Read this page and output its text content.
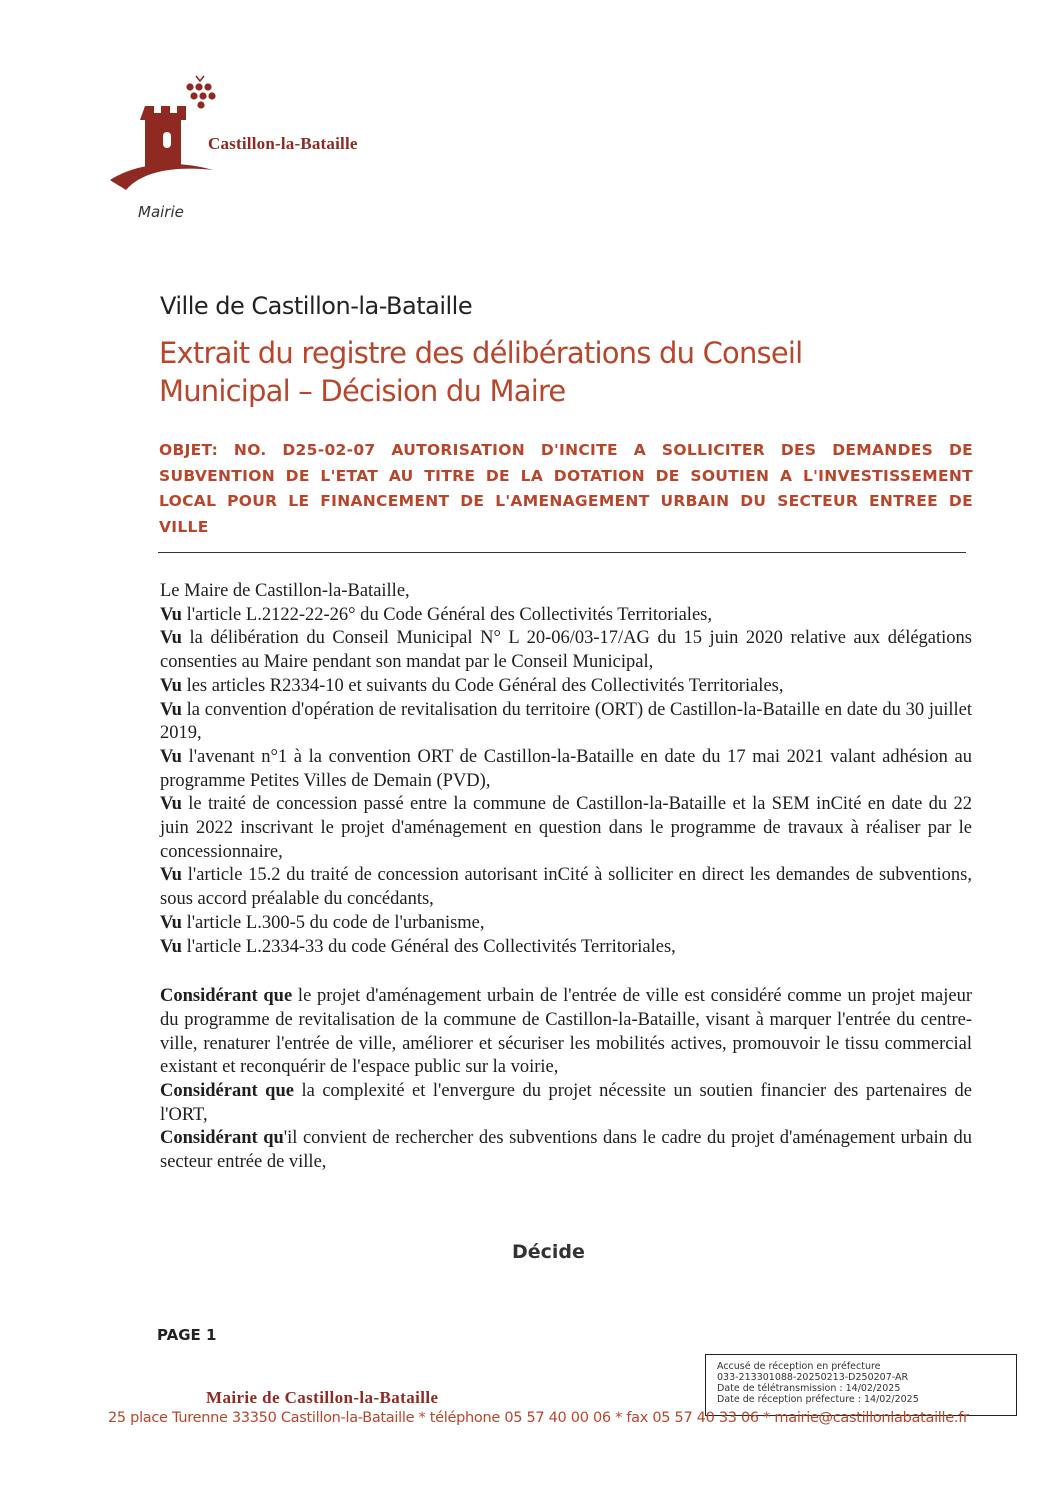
Castillon-la-Bataille
Mairie
Ville de Castillon-la-Bataille
Extrait du registre des délibérations du Conseil
Municipal – Décision du Maire
OBJET: NO. D25-02-07 AUTORISATION D'INCITE A SOLLICITER DES DEMANDES DE SUBVENTION DE L'ETAT AU TITRE DE LA DOTATION DE SOUTIEN A L'INVESTISSEMENT LOCAL POUR LE FINANCEMENT DE L'AMENAGEMENT URBAIN DU SECTEUR ENTREE DE VILLE

Le Maire de Castillon-la-Bataille,

Vu l'article L.2122-22-26° du Code Général des Collectivités Territoriales,

Vu la délibération du Conseil Municipal N° L 20-06/03-17/AG du 15 juin 2020 relative aux délégations consenties au Maire pendant son mandat par le Conseil Municipal,

Vu les articles R2334-10 et suivants du Code Général des Collectivités Territoriales,

Vu la convention d'opération de revitalisation du territoire (ORT) de Castillon-la-Bataille en date du 30 juillet 2019,

Vu l'avenant n°1 à la convention ORT de Castillon-la-Bataille en date du 17 mai 2021 valant adhésion au programme Petites Villes de Demain (PVD),

Vu le traité de concession passé entre la commune de Castillon-la-Bataille et la SEM inCité en date du 22 juin 2022 inscrivant le projet d'aménagement en question dans le programme de travaux à réaliser par le concessionnaire,

Vu l'article 15.2 du traité de concession autorisant inCité à solliciter en direct les demandes de subventions, sous accord préalable du concédants,

Vu l'article L.300-5 du code de l'urbanisme,

Vu l'article L.2334-33 du code Général des Collectivités Territoriales,

Considérant que le projet d'aménagement urbain de l'entrée de ville est considéré comme un projet majeur du programme de revitalisation de la commune de Castillon-la-Bataille, visant à marquer l'entrée du centre-ville, renaturer l'entrée de ville, améliorer et sécuriser les mobilités actives, promouvoir le tissu commercial existant et reconquérir de l'espace public sur la voirie,

Considérant que la complexité et l'envergure du projet nécessite un soutien financier des partenaires de l'ORT,

Considérant qu'il convient de rechercher des subventions dans le cadre du projet d'aménagement urbain du secteur entrée de ville,

Décide
PAGE 1
Accusé de réception en préfecture
033-213301088-20250213-D250207-AR
Date de télétransmission : 14/02/2025
Date de réception préfecture : 14/02/2025
Mairie de Castillon-la-Bataille
25 place Turenne 33350 Castillon-la-Bataille * téléphone 05 57 40 00 06 * fax 05 57 40 33 06 * mairie@castillonlabataille.fr
